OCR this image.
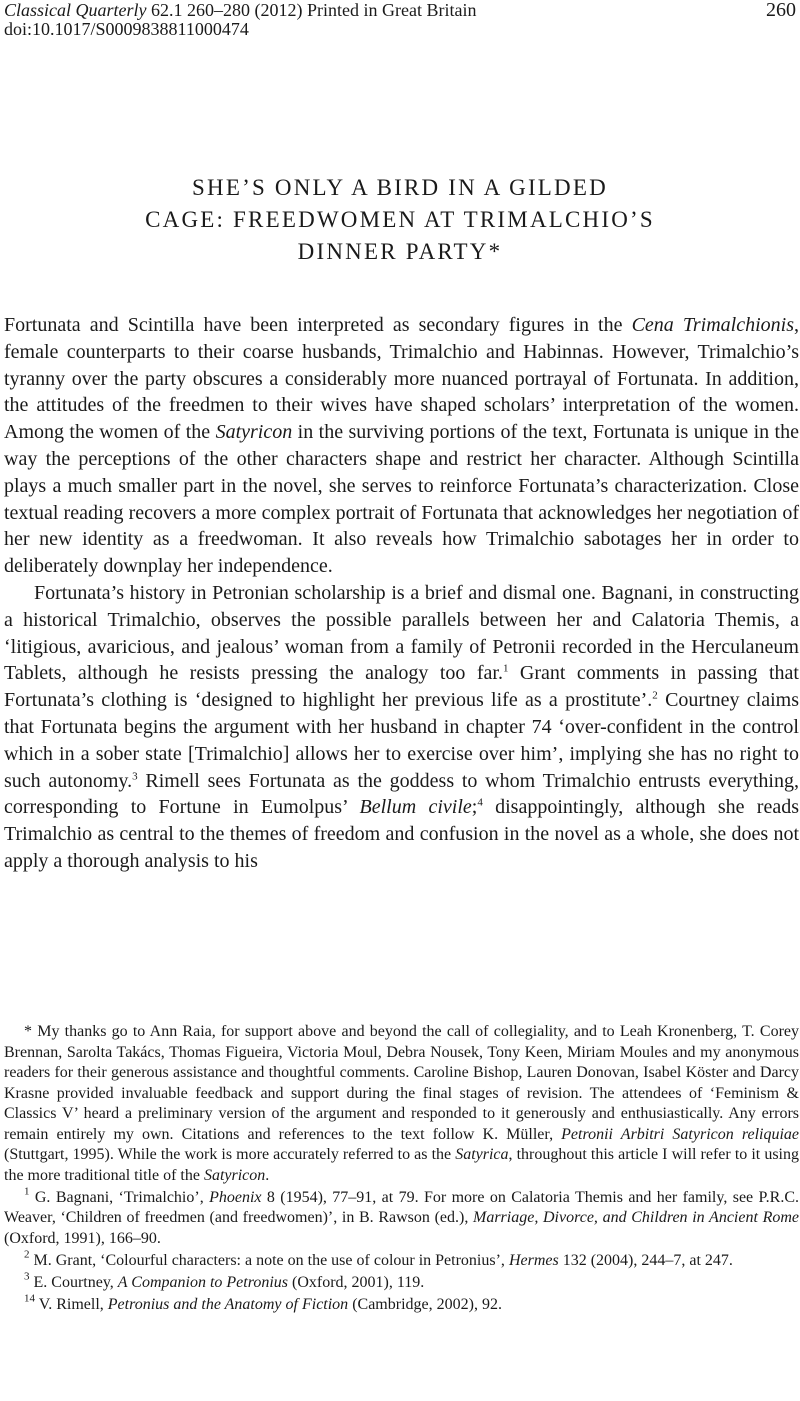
Classical Quarterly 62.1 260–280 (2012) Printed in Great Britain
doi:10.1017/S0009838811000474
260
SHE’S ONLY A BIRD IN A GILDED
CAGE: FREEDWOMEN AT TRIMALCHIO’S
DINNER PARTY*

Fortunata and Scintilla have been interpreted as secondary figures in the Cena Trimalchionis, female counterparts to their coarse husbands, Trimalchio and Habinnas. However, Trimalchio’s tyranny over the party obscures a considerably more nuanced portrayal of Fortunata. In addition, the attitudes of the freedmen to their wives have shaped scholars’ interpretation of the women. Among the women of the Satyricon in the surviving portions of the text, Fortunata is unique in the way the perceptions of the other characters shape and restrict her character. Although Scintilla plays a much smaller part in the novel, she serves to reinforce Fortunata’s characterization. Close textual reading recovers a more complex portrait of Fortunata that acknowledges her negotiation of her new identity as a freedwoman. It also reveals how Trimalchio sabotages her in order to deliberately downplay her independence.

Fortunata’s history in Petronian scholarship is a brief and dismal one. Bagnani, in constructing a historical Trimalchio, observes the possible parallels between her and Calatoria Themis, a ‘litigious, avaricious, and jealous’ woman from a family of Petronii recorded in the Herculaneum Tablets, although he resists pressing the analogy too far.$^1$ Grant comments in passing that Fortunata’s clothing is ‘designed to highlight her previous life as a prostitute’.$^2$ Courtney claims that Fortunata begins the argument with her husband in chapter 74 ‘over-confident in the control which in a sober state [Trimalchio] allows her to exercise over him’, implying she has no right to such autonomy.$^3$ Rimell sees Fortunata as the goddess to whom Trimalchio entrusts everything, corresponding to Fortune in Eumolpus’ Bellum civile;$^4$ disappointingly, although she reads Trimalchio as central to the themes of freedom and confusion in the novel as a whole, she does not apply a thorough analysis to his

* My thanks go to Ann Raia, for support above and beyond the call of collegiality, and to Leah Kronenberg, T. Corey Brennan, Sarolta Takács, Thomas Figueira, Victoria Moul, Debra Nousek, Tony Keen, Miriam Moules and my anonymous readers for their generous assistance and thoughtful comments. Caroline Bishop, Lauren Donovan, Isabel Köster and Darcy Krasne provided invaluable feedback and support during the final stages of revision. The attendees of ‘Feminism & Classics V’ heard a preliminary version of the argument and responded to it generously and enthusiastically. Any errors remain entirely my own. Citations and references to the text follow K. Müller, Petronii Arbitri Satyricon reliquiae (Stuttgart, 1995). While the work is more accurately referred to as the Satyrica, throughout this article I will refer to it using the more traditional title of the Satyricon.

$^1$ G. Bagnani, ‘Trimalchio’, Phoenix 8 (1954), 77–91, at 79. For more on Calatoria Themis and her family, see P.R.C. Weaver, ‘Children of freedmen (and freedwomen)’, in B. Rawson (ed.), Marriage, Divorce, and Children in Ancient Rome (Oxford, 1991), 166–90.

$^2$ M. Grant, ‘Colourful characters: a note on the use of colour in Petronius’, Hermes 132 (2004), 244–7, at 247.

$^3$ E. Courtney, A Companion to Petronius (Oxford, 2001), 119.

$^{14}$ V. Rimell, Petronius and the Anatomy of Fiction (Cambridge, 2002), 92.
